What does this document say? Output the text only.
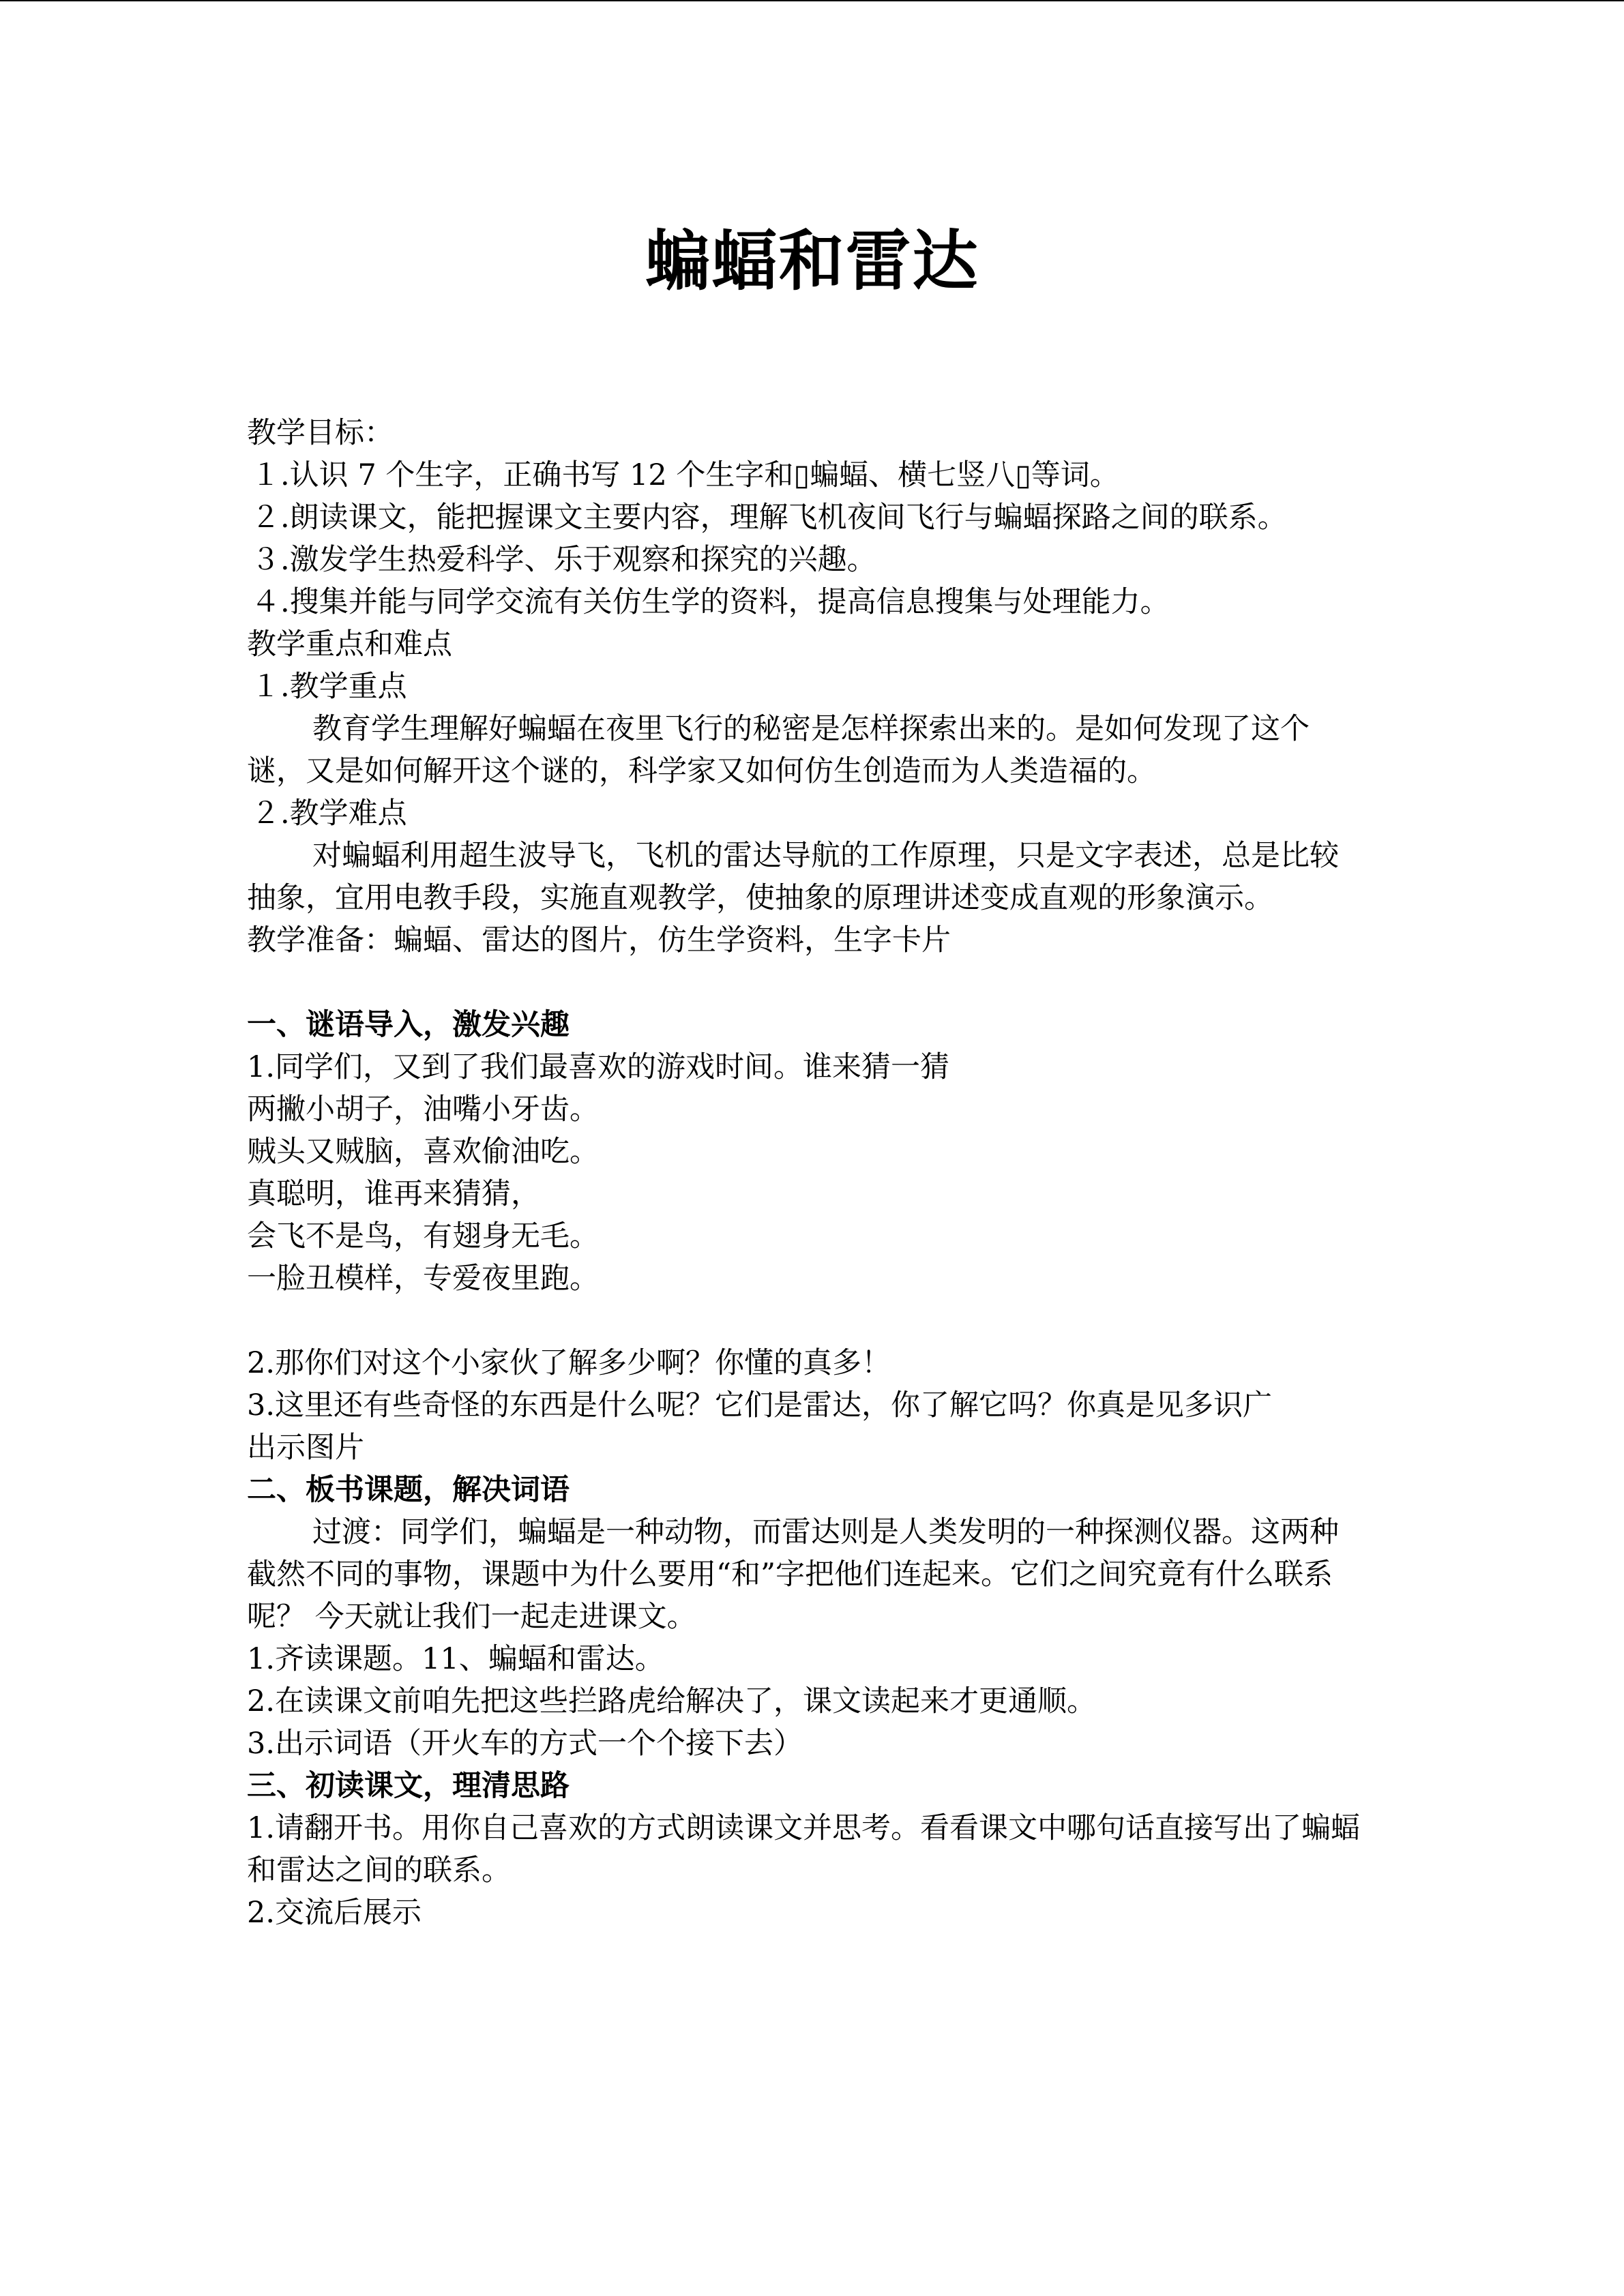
蝙蝠和雷达

教学目标：

１.认识 7 个生字，正确书写 12 个生字和▯蝙蝠、横七竖八▯等词。

２.朗读课文，能把握课文主要内容，理解飞机夜间飞行与蝙蝠探路之间的联系。

３.激发学生热爱科学、乐于观察和探究的兴趣。

４.搜集并能与同学交流有关仿生学的资料，提高信息搜集与处理能力。

教学重点和难点

１.教学重点

教育学生理解好蝙蝠在夜里飞行的秘密是怎样探索出来的。是如何发现了这个谜，又是如何解开这个谜的，科学家又如何仿生创造而为人类造福的。

２.教学难点

对蝙蝠利用超生波导飞，飞机的雷达导航的工作原理，只是文字表述，总是比较抽象，宜用电教手段，实施直观教学，使抽象的原理讲述变成直观的形象演示。

教学准备：蝙蝠、雷达的图片，仿生学资料，生字卡片

一、谜语导入，激发兴趣

1.同学们，又到了我们最喜欢的游戏时间。谁来猜一猜

两撇小胡子，油嘴小牙齿。

贼头又贼脑，喜欢偷油吃。

真聪明，谁再来猜猜，

会飞不是鸟，有翅身无毛。

一脸丑模样，专爱夜里跑。

2.那你们对这个小家伙了解多少啊？你懂的真多！

3.这里还有些奇怪的东西是什么呢？它们是雷达，你了解它吗？你真是见多识广

出示图片

二、板书课题，解决词语

过渡：同学们，蝙蝠是一种动物，而雷达则是人类发明的一种探测仪器。这两种截然不同的事物，课题中为什么要用“和”字把他们连起来。它们之间究竟有什么联系呢？ 今天就让我们一起走进课文。

1.齐读课题。11、蝙蝠和雷达。

2.在读课文前咱先把这些拦路虎给解决了，课文读起来才更通顺。

3.出示词语（开火车的方式一个个接下去）

三、初读课文，理清思路

1.请翻开书。用你自己喜欢的方式朗读课文并思考。看看课文中哪句话直接写出了蝙蝠和雷达之间的联系。

2.交流后展示
